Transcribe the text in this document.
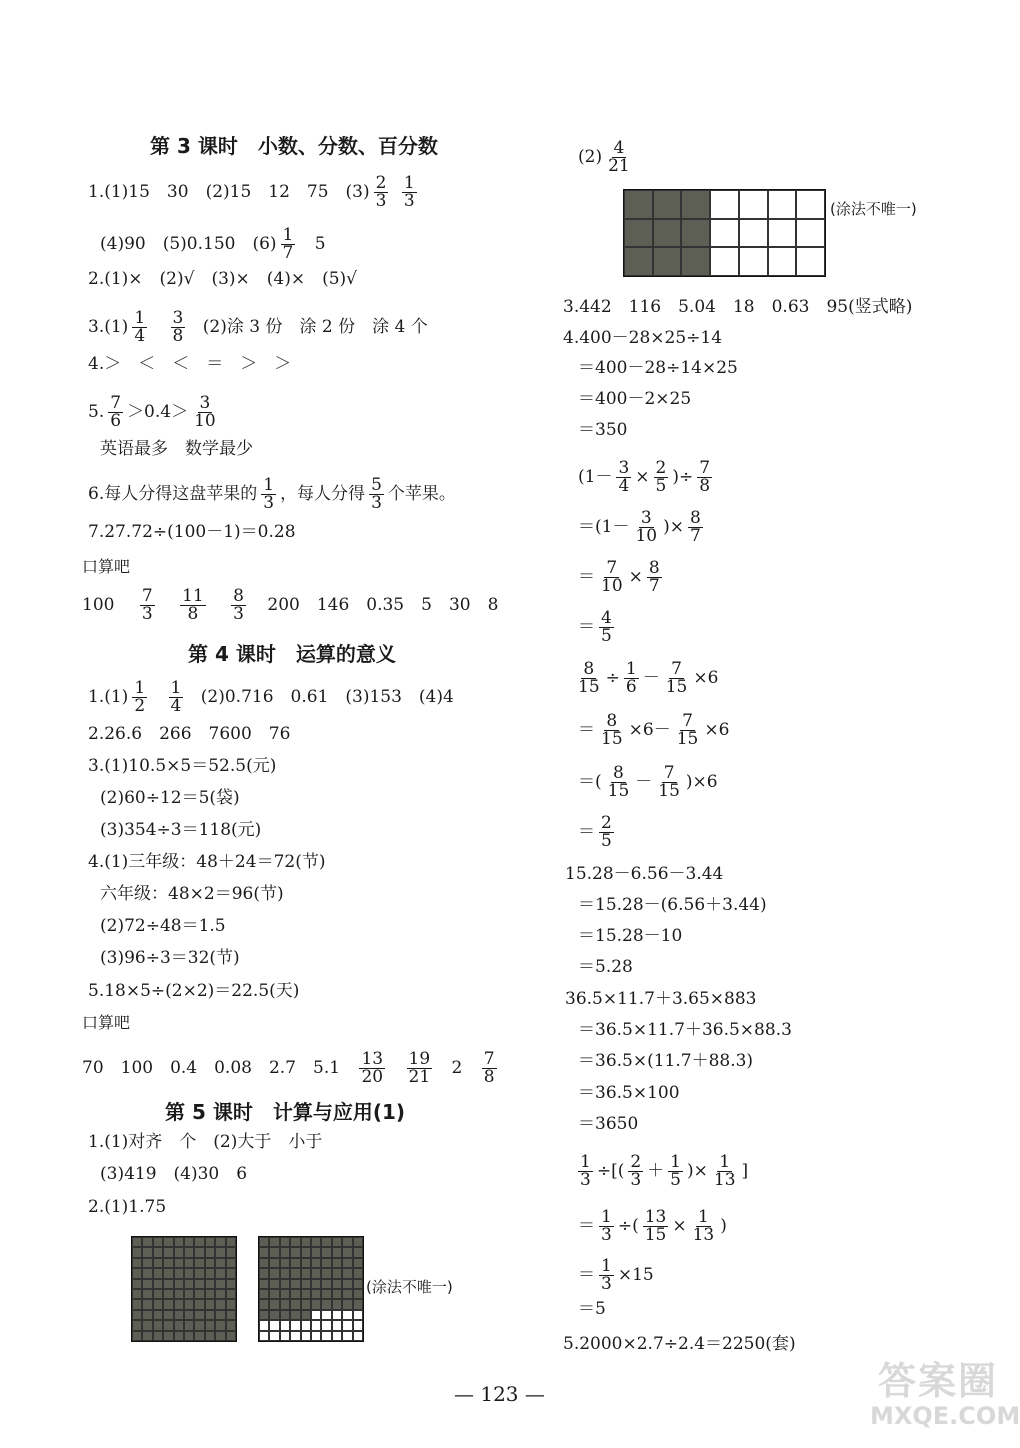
第 3 课时　小数、分数、百分数
1.(1)15　30　(2)15　12　75　$(3) \frac{2}{3}$
$\frac{1}{3}$
(4)90　(5)0.150　$(6) \frac{1}{7} 5$
2.(1)×　(2)√　(3)×　(4)×　(5)√
$3.(1) \frac{1}{4}$
$\frac{3}{8} (2)$涂 3 份　涂 2 份　涂 4 个
4.＞　＜　＜　＝　＞　＞
5. $\frac{7}{6} >0.4> \frac{3}{10}$
英语最多　数学最少
6.每人分得这盘苹果的 $\frac{1}{3}$ ，每人分得 $\frac{5}{3}$ 个苹果。
7.27.72÷(100－1)＝0.28
口算吧
$100 \frac{7}{3}$
$\frac{11}{8}$
$\frac{8}{3} 200$　146　0.35　5　30　8
第 4 课时　运算的意义
$1.(1) \frac{1}{2}$
$\frac{1}{4} (2)0.716$　0.61　(3)153　(4)4
2.26.6　266　7600　76
3.(1)10.5×5＝52.5(元)
(2)60÷12＝5(袋)
(3)354÷3＝118(元)
4.(1)三年级：48＋24＝72(节)
六年级：48×2＝96(节)
(2)72÷48＝1.5
(3)96÷3＝32(节)
5.18×5÷(2×2)＝22.5(天)
口算吧
70　100　0.4　0.08　2.7　$5.1 \frac{13}{20}$
$\frac{19}{21} 2 \frac{7}{8}$
第 5 课时　计算与应用(1)
1.(1)对齐　个　(2)大于　小于
(3)419　(4)30　6
2.(1)1.75
(涂法不唯一)
$(2) \frac{4}{21}$
(涂法不唯一)
3.442　116　5.04　18　0.63　95(竖式略)
4.400－28×25÷14
＝400－28÷14×25
＝400－2×25
＝350
($1- \frac{3}{4} \times \frac{2}{5}$ )÷ $\frac{7}{8}$
$=(1- \frac{3}{10}$ )× $\frac{8}{7}$
＝ $\frac{7}{10} \times \frac{8}{7}$
＝ $\frac{4}{5}$
$\frac{8}{15} \div \frac{1}{6} - \frac{7}{15} \times 6$
＝ $\frac{8}{15} \times 6- \frac{7}{15} \times 6$
＝( $\frac{8}{15} - \frac{7}{15} )\times 6$
＝ $\frac{2}{5}$
15.28－6.56－3.44
＝15.28－(6.56＋3.44)
＝15.28－10
＝5.28
36.5×11.7＋3.65×883
＝36.5×11.7＋36.5×88.3
＝36.5×(11.7＋88.3)
＝36.5×100
＝3650
$\frac{1}{3}$ ÷[( $\frac{2}{3} + \frac{1}{5}$ )× $\frac{1}{13}$ ]
＝ $\frac{1}{3}$ ÷( $\frac{13}{15} \times \frac{1}{13}$ )
＝ $\frac{1}{3} \times 15$
＝5
5.2000×2.7÷2.4＝2250(套)
— 123 —	答案圈
MXQE.COM
